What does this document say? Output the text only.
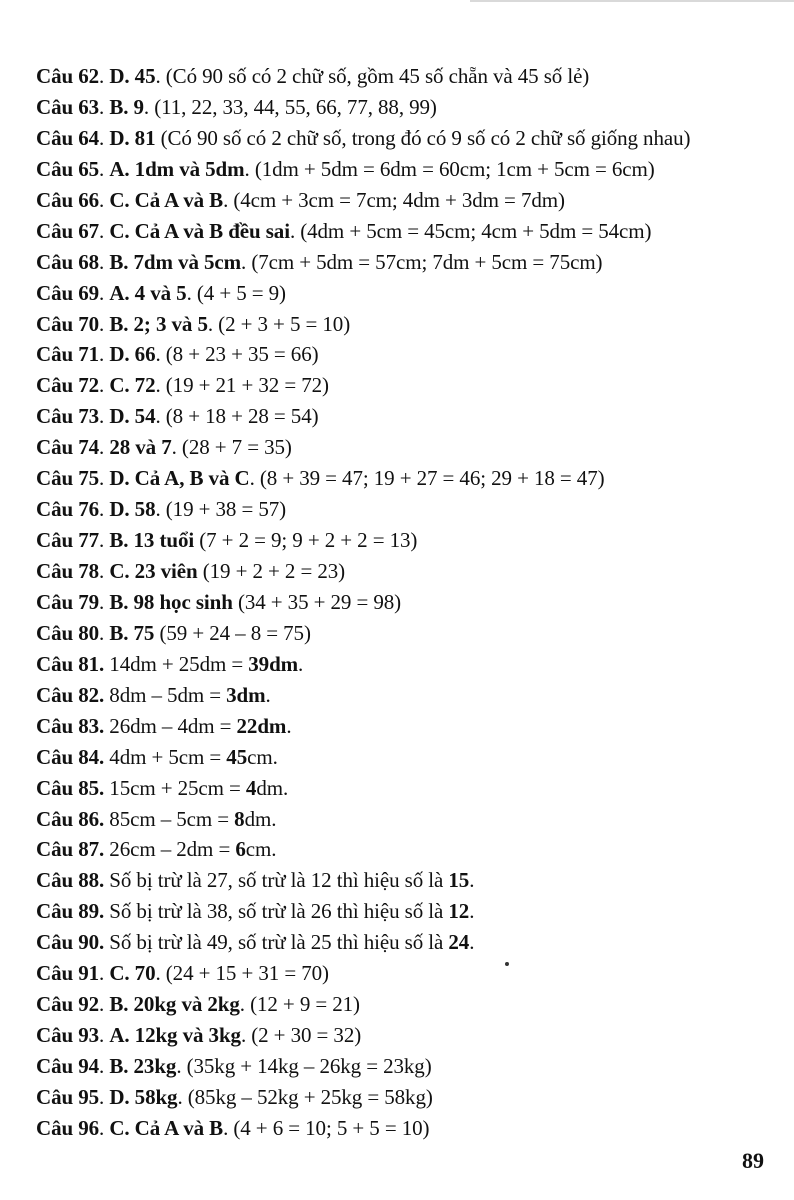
Câu 62. D. 45. (Có 90 số có 2 chữ số, gồm 45 số chẵn và 45 số lẻ)
Câu 63. B. 9. (11, 22, 33, 44, 55, 66, 77, 88, 99)
Câu 64. D. 81 (Có 90 số có 2 chữ số, trong đó có 9 số có 2 chữ số giống nhau)
Câu 65. A. 1dm và 5dm. (1dm + 5dm = 6dm = 60cm; 1cm + 5cm = 6cm)
Câu 66. C. Cả A và B. (4cm + 3cm = 7cm; 4dm + 3dm = 7dm)
Câu 67. C. Cả A và B đều sai. (4dm + 5cm = 45cm; 4cm + 5dm = 54cm)
Câu 68. B. 7dm và 5cm. (7cm + 5dm = 57cm; 7dm + 5cm = 75cm)
Câu 69. A. 4 và 5. (4 + 5 = 9)
Câu 70. B. 2; 3 và 5. (2 + 3 + 5 = 10)
Câu 71. D. 66. (8 + 23 + 35 = 66)
Câu 72. C. 72. (19 + 21 + 32 = 72)
Câu 73. D. 54. (8 + 18 + 28 = 54)
Câu 74. 28 và 7. (28 + 7 = 35)
Câu 75. D. Cả A, B và C. (8 + 39 = 47; 19 + 27 = 46; 29 + 18 = 47)
Câu 76. D. 58. (19 + 38 = 57)
Câu 77. B. 13 tuổi (7 + 2 = 9; 9 + 2 + 2 = 13)
Câu 78. C. 23 viên (19 + 2 + 2 = 23)
Câu 79. B. 98 học sinh (34 + 35 + 29 = 98)
Câu 80. B. 75 (59 + 24 – 8 = 75)
Câu 81. 14dm + 25dm = 39dm.
Câu 82. 8dm – 5dm = 3dm.
Câu 83. 26dm – 4dm = 22dm.
Câu 84. 4dm + 5cm = 45cm.
Câu 85. 15cm + 25cm = 4dm.
Câu 86. 85cm – 5cm = 8dm.
Câu 87. 26cm – 2dm = 6cm.
Câu 88. Số bị trừ là 27, số trừ là 12 thì hiệu số là 15.
Câu 89. Số bị trừ là 38, số trừ là 26 thì hiệu số là 12.
Câu 90. Số bị trừ là 49, số trừ là 25 thì hiệu số là 24.
Câu 91. C. 70. (24 + 15 + 31 = 70)
Câu 92. B. 20kg và 2kg. (12 + 9 = 21)
Câu 93. A. 12kg và 3kg. (2 + 30 = 32)
Câu 94. B. 23kg. (35kg + 14kg – 26kg = 23kg)
Câu 95. D. 58kg. (85kg – 52kg + 25kg = 58kg)
Câu 96. C. Cả A và B. (4 + 6 = 10; 5 + 5 = 10)
89
